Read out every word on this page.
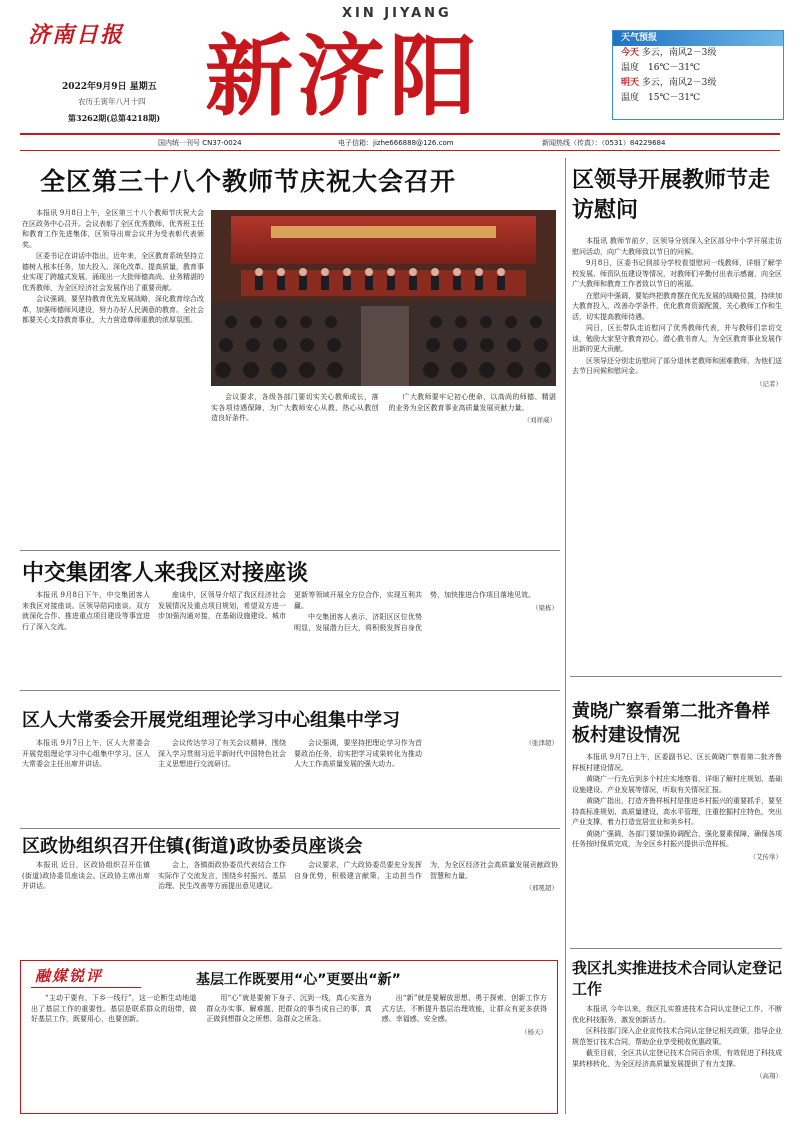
济南日报
2022年9月9日 星期五
农历壬寅年八月十四
第3262期(总第4218期)
XIN JIYANG
新济阳	天气预报
今天 多云，南风2－3级
温度　 16℃－31℃
明天 多云，南风2－3级
温度　 15℃－31℃
国内统一刊号 CN37-0024	电子信箱：jizhe666888@126.com	新闻热线（传真）：（0531）84229684
全区第三十八个教师节庆祝大会召开

本报讯 9月8日上午，全区第三十八个教师节庆祝大会在区政务中心召开。会议表彰了全区优秀教师、优秀班主任和教育工作先进集体，区领导出席会议并为受表彰代表颁奖。

区委书记在讲话中指出，近年来，全区教育系统坚持立德树人根本任务，加大投入、深化改革、提高质量，教育事业实现了跨越式发展，涌现出一大批师德高尚、业务精湛的优秀教师，为全区经济社会发展作出了重要贡献。

会议强调，要坚持教育优先发展战略，深化教育综合改革，加强师德师风建设，努力办好人民满意的教育。全社会都要关心支持教育事业，大力营造尊师重教的浓厚氛围。

会议要求，各级各部门要切实关心教师成长，落实各项待遇保障，为广大教师安心从教、热心从教创造良好条件。

广大教师要牢记初心使命，以高尚的师德、精湛的业务为全区教育事业高质量发展贡献力量。

（刘祥威）
区领导开展教师节走访慰问

本报讯 教师节前夕，区领导分别深入全区部分中小学开展走访慰问活动，向广大教师致以节日的问候。

9月8日，区委书记到部分学校看望慰问一线教师，详细了解学校发展、师资队伍建设等情况，对教师们辛勤付出表示感谢，向全区广大教师和教育工作者致以节日的祝福。

在慰问中强调，要始终把教育摆在优先发展的战略位置，持续加大教育投入，改善办学条件，优化教育资源配置，关心教师工作和生活，切实提高教师待遇。

同日，区长带队走访慰问了优秀教师代表，并与教师们亲切交谈，勉励大家坚守教育初心，潜心教书育人，为全区教育事业发展作出新的更大贡献。

区领导还分别走访慰问了部分退休老教师和困难教师，为他们送去节日问候和慰问金。

（记者）
中交集团客人来我区对接座谈

本报讯 9月8日下午，中交集团客人来我区对接座谈。区领导陪同座谈。双方就深化合作、推进重点项目建设等事宜进行了深入交流。

座谈中，区领导介绍了我区经济社会发展情况及重点项目规划，希望双方进一步加强沟通对接，在基础设施建设、城市更新等领域开展全方位合作，实现互利共赢。

中交集团客人表示，济阳区区位优势明显，发展潜力巨大，将积极发挥自身优势，加快推进合作项目落地见效。

（梁栋）
黄晓广察看第二批齐鲁样板村建设情况

本报讯 9月7日上午，区委副书记、区长黄晓广察看第二批齐鲁样板村建设情况。

黄晓广一行先后到多个村庄实地察看，详细了解村庄规划、基础设施建设、产业发展等情况，听取有关情况汇报。

黄晓广指出，打造齐鲁样板村是推进乡村振兴的重要抓手，要坚持高标准规划、高质量建设、高水平管理，注重挖掘村庄特色，突出产业支撑，着力打造宜居宜业和美乡村。

黄晓广强调，各部门要加强协调配合，强化要素保障，确保各项任务按时保质完成，为全区乡村振兴提供示范样板。

（艾传举）
区人大常委会开展党组理论学习中心组集中学习

本报讯 9月7日上午，区人大常委会开展党组理论学习中心组集中学习。区人大常委会主任出席并讲话。

会议传达学习了有关会议精神，围绕深入学习贯彻习近平新时代中国特色社会主义思想进行交流研讨。

会议强调，要坚持把理论学习作为首要政治任务，切实把学习成果转化为推动人大工作高质量发展的强大动力。

（张津超）
区政协组织召开住镇(街道)政协委员座谈会

本报讯 近日，区政协组织召开住镇(街道)政协委员座谈会。区政协主席出席并讲话。

会上，各镇街政协委员代表结合工作实际作了交流发言，围绕乡村振兴、基层治理、民生改善等方面提出意见建议。

会议要求，广大政协委员要充分发挥自身优势，积极建言献策，主动担当作为，为全区经济社会高质量发展贡献政协智慧和力量。

（邢冕超）
我区扎实推进技术合同认定登记工作

本报讯 今年以来，我区扎实推进技术合同认定登记工作，不断优化科技服务，激发创新活力。

区科技部门深入企业宣传技术合同认定登记相关政策，指导企业规范签订技术合同，帮助企业享受税收优惠政策。

截至目前，全区共认定登记技术合同百余项，有效促进了科技成果转移转化，为全区经济高质量发展提供了有力支撑。

（高翔）
融媒锐评	基层工作既要用“心”更要出“新”

“主动干要有，下乡一线行”，这一论断生动地道出了基层工作的重要性。基层是联系群众的纽带，做好基层工作，既要用心，也要创新。

用“心”就是要俯下身子、沉到一线，真心实意为群众办实事、解难题，把群众的事当成自己的事，真正做到想群众之所想、急群众之所急。

出“新”就是要解放思想、勇于探索，创新工作方式方法，不断提升基层治理效能，让群众有更多获得感、幸福感、安全感。

（杨天）
